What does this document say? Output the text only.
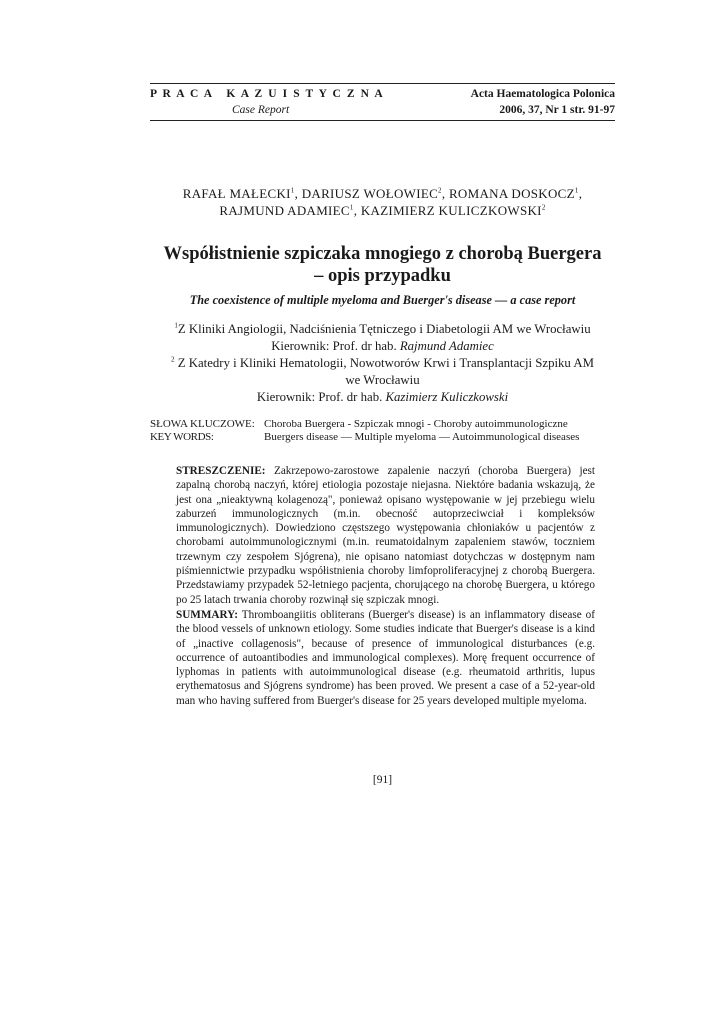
P R A C A   K A Z U I S T Y C Z N A
Case Report
Acta Haematologica Polonica
2006, 37, Nr 1 str. 91-97
RAFAŁ MAŁECKI$^1$, DARIUSZ WOŁOWIEC$^2$, ROMANA DOSKOCZ$^1$,
RAJMUND ADAMIEC$^1$, KAZIMIERZ KULICZKOWSKI$^2$
Współistnienie szpiczaka mnogiego z chorobą Buergera
– opis przypadku
The coexistence of multiple myeloma and Buerger's disease — a case report
$^1$Z Kliniki Angiologii, Nadciśnienia Tętniczego i Diabetologii AM we Wrocławiu
Kierownik: Prof. dr hab. Rajmund Adamiec
$^2$ Z Katedry i Kliniki Hematologii, Nowotworów Krwi i Transplantacji Szpiku AM
we Wrocławiu
Kierownik: Prof. dr hab. Kazimierz Kuliczkowski
SŁOWA KLUCZOWE: Choroba Buergera - Szpiczak mnogi - Choroby autoimmunologiczne
KEY WORDS:	Buergers disease — Multiple myeloma — Autoimmunological diseases
STRESZCZENIE: Zakrzepowo-zarostowe zapalenie naczyń (choroba Buergera) jest zapalną chorobą naczyń, której etiologia pozostaje niejasna. Niektóre badania wskazują, że jest ona „nieaktywną kolagenozą", ponieważ opisano występowanie w jej przebiegu wielu zaburzeń immunologicznych (m.in. obecność autoprzeciwciał i kompleksów immunologicznych). Dowiedziono częstszego występowania chłoniaków u pacjentów z chorobami autoimmunologicznymi (m.in. reumatoidalnym zapaleniem stawów, toczniem trzewnym czy zespołem Sjógrena), nie opisano natomiast dotychczas w dostępnym nam piśmiennictwie przypadku współistnienia choroby limfoproliferacyjnej z chorobą Buergera. Przedstawiamy przypadek 52-letniego pacjenta, chorującego na chorobę Buergera, u którego po 25 latach trwania choroby rozwinął się szpiczak mnogi.
SUMMARY: Thromboangiitis obliterans (Buerger's disease) is an inflammatory disease of the blood vessels of unknown etiology. Some studies indicate that Buerger's disease is a kind of „inactive collagenosis", because of presence of immunological disturbances (e.g. occurrence of autoantibodies and immunological complexes). Morę frequent occurrence of lyphomas in patients with autoimmunological disease (e.g. rheumatoid arthritis, lupus erythematosus and Sjógrens syndrome) has been proved. We present a case of a 52-year-old man who having suffered from Buerger's disease for 25 years developed multiple myeloma.
[91]
